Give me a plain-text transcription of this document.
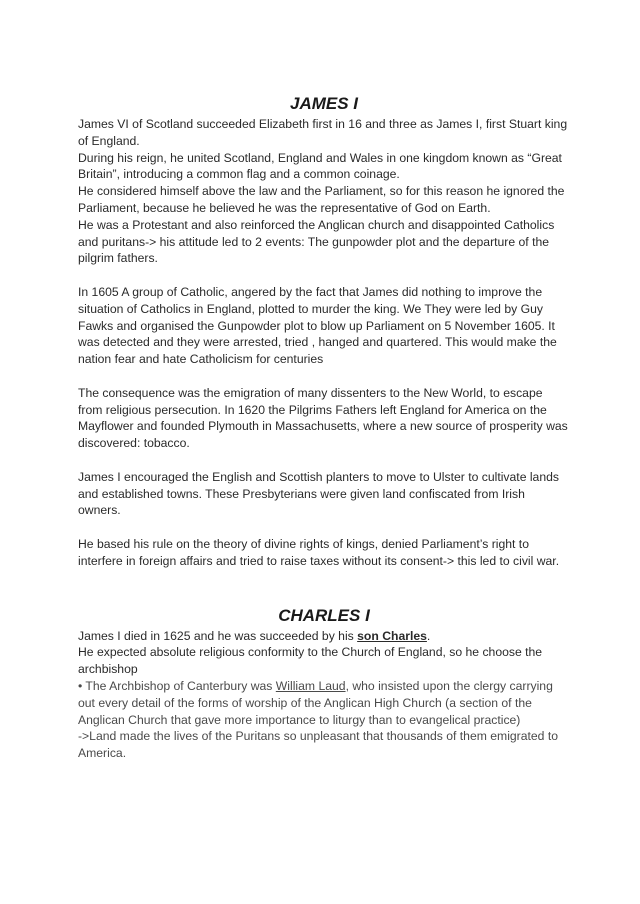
JAMES I

James VI of Scotland succeeded Elizabeth first in 16 and three as James I, first Stuart king of England.

During his reign, he united Scotland, England and Wales in one kingdom known as “Great Britain”, introducing a common flag and a common coinage.

He considered himself above the law and the Parliament, so for this reason he ignored the Parliament, because he believed he was the representative of God on Earth.

He was a Protestant and also reinforced the Anglican church and disappointed Catholics and puritans-> his attitude led to 2 events: The gunpowder plot and the departure of the pilgrim fathers.

In 1605 A group of Catholic, angered by the fact that James did nothing to improve the situation of Catholics in England, plotted to murder the king. We They were led by Guy Fawks and organised the Gunpowder plot to blow up Parliament on 5 November 1605. It was detected and they were arrested, tried , hanged and quartered. This would make the nation fear and hate Catholicism for centuries

The consequence was the emigration of many dissenters to the New World, to escape from religious persecution. In 1620 the Pilgrims Fathers left England for America on the Mayflower and founded Plymouth in Massachusetts, where a new source of prosperity was discovered: tobacco.

James I encouraged the English and Scottish planters to move to Ulster to cultivate lands and established towns. These Presbyterians were given land confiscated from Irish owners.

He based his rule on the theory of divine rights of kings, denied Parliament’s right to interfere in foreign affairs and tried to raise taxes without its consent-> this led to civil war.

CHARLES I

James I died in 1625 and he was succeeded by his son Charles.

He expected absolute religious conformity to the Church of England, so he choose the archbishop

• The Archbishop of Canterbury was William Laud, who insisted upon the clergy carrying out every detail of the forms of worship of the Anglican High Church (a section of the Anglican Church that gave more importance to liturgy than to evangelical practice)

->Land made the lives of the Puritans so unpleasant that thousands of them emigrated to America.
